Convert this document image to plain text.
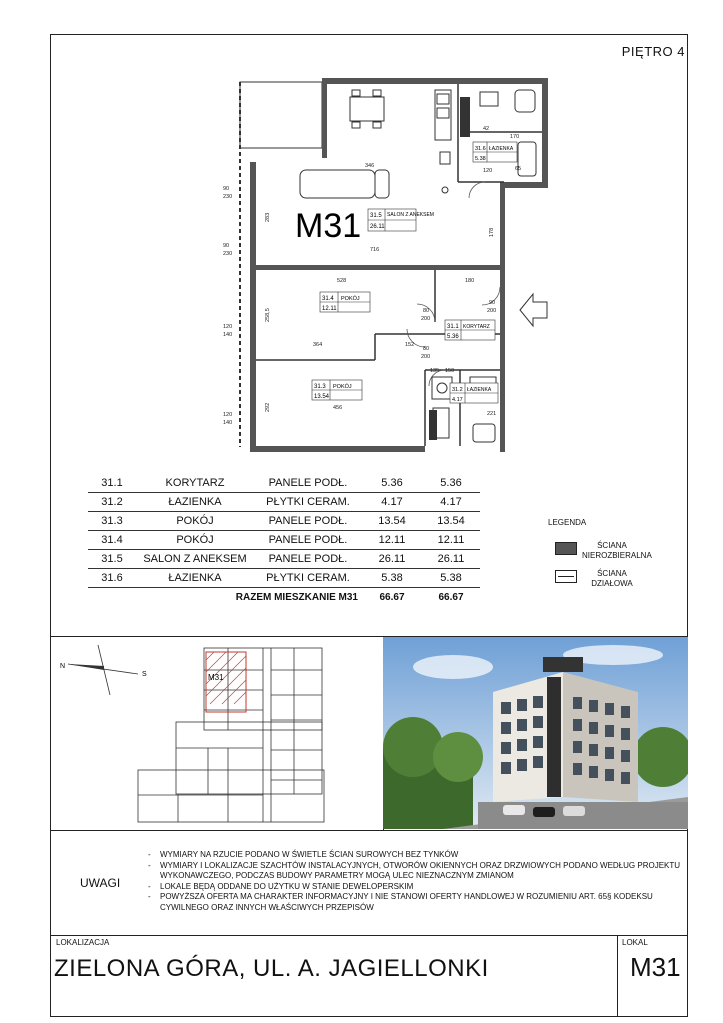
PIĘTRO 4
M31 31.5 SALON Z ANEKSEM
26.11
31.6 ŁAZIENKA
5.38
31.4 POKÓJ
12.11
31.1 KORYTARZ
5.36
31.3 POKÓJ
13.54
31.2 ŁAZIENKA
4.17
346
716
528	180
364	152
456
170
120	65
42
90
230
90
230
120
140
120
140
80
200
80
200
90
200
135
221
150
283
258,5
292
178
31.1	KORYTARZ	PANELE PODŁ.	5.36	5.36
31.2	ŁAZIENKA	PŁYTKI CERAM.	4.17	4.17
31.3	POKÓJ	PANELE PODŁ.	13.54	13.54
31.4	POKÓJ	PANELE PODŁ.	12.11	12.11
31.5	SALON Z ANEKSEM	PANELE PODŁ.	26.11	26.11
31.6	ŁAZIENKA	PŁYTKI CERAM.	5.38	5.38
	RAZEM MIESZKANIE M31		66.67	66.67
LEGENDA
ŚCIANA NIEROZBIERALNA
ŚCIANA DZIAŁOWA
N
S	M31
UWAGI
- WYMIARY NA RZUCIE PODANO W ŚWIETLE ŚCIAN SUROWYCH BEZ TYNKÓW
- WYMIARY I LOKALIZACJE SZACHTÓW INSTALACYJNYCH, OTWORÓW OKIENNYCH ORAZ DRZWIOWYCH PODANO WEDŁUG PROJEKTU WYKONAWCZEGO, PODCZAS BUDOWY PARAMETRY MOGĄ ULEC NIEZNACZNYM ZMIANOM
- LOKALE BĘDĄ ODDANE DO UŻYTKU W STANIE DEWELOPERSKIM
- POWYŻSZA OFERTA MA CHARAKTER INFORMACYJNY I NIE STANOWI OFERTY HANDLOWEJ W ROZUMIENIU ART. 65§ KODEKSU CYWILNEGO ORAZ INNYCH WŁAŚCIWYCH PRZEPISÓW
LOKALIZACJA
ZIELONA GÓRA, UL. A. JAGIELLONKI
LOKAL
M31
